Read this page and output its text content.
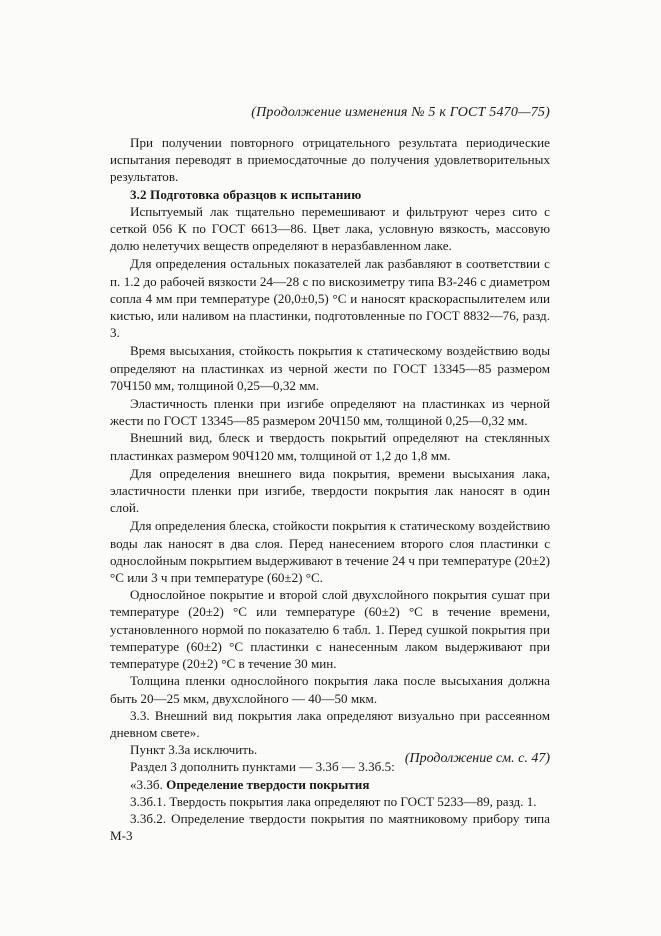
(Продолжение изменения № 5 к ГОСТ 5470—75)

При получении повторного отрицательного результата периодические испытания переводят в приемосдаточные до получения удовлетворительных результатов.

3.2 Подготовка образцов к испытанию

Испытуемый лак тщательно перемешивают и фильтруют через сито с сеткой 056 К по ГОСТ 6613—86. Цвет лака, условную вязкость, массовую долю нелетучих веществ определяют в неразбавленном лаке.

Для определения остальных показателей лак разбавляют в соответствии с п. 1.2 до рабочей вязкости 24—28 с по вискозиметру типа ВЗ-246 с диаметром сопла 4 мм при температуре (20,0±0,5) °С и наносят краскораспылителем или кистью, или наливом на пластинки, подготовленные по ГОСТ 8832—76, разд. 3.

Время высыхания, стойкость покрытия к статическому воздействию воды определяют на пластинках из черной жести по ГОСТ 13345—85 размером 70Ч150 мм, толщиной 0,25—0,32 мм.

Эластичность пленки при изгибе определяют на пластинках из черной жести по ГОСТ 13345—85 размером 20Ч150 мм, толщиной 0,25—0,32 мм.

Внешний вид, блеск и твердость покрытий определяют на стеклянных пластинках размером 90Ч120 мм, толщиной от 1,2 до 1,8 мм.

Для определения внешнего вида покрытия, времени высыхания лака, эластичности пленки при изгибе, твердости покрытия лак наносят в один слой.

Для определения блеска, стойкости покрытия к статическому воздействию воды лак наносят в два слоя. Перед нанесением второго слоя пластинки с однослойным покрытием выдерживают в течение 24 ч при температуре (20±2) °С или 3 ч при температуре (60±2) °С.

Однослойное покрытие и второй слой двухслойного покрытия сушат при температуре (20±2) °С или температуре (60±2) °С в течение времени, установленного нормой по показателю 6 табл. 1. Перед сушкой покрытия при температуре (60±2) °С пластинки с нанесенным лаком выдерживают при температуре (20±2) °С в течение 30 мин.

Толщина пленки однослойного покрытия лака после высыхания должна быть 20—25 мкм, двухслойного — 40—50 мкм.

3.3. Внешний вид покрытия лака определяют визуально при рассеянном дневном свете».

Пункт 3.3а исключить.

Раздел 3 дополнить пунктами — 3.3б — 3.3б.5:

«3.3б. Определение твердости покрытия

3.3б.1. Твердость покрытия лака определяют по ГОСТ 5233—89, разд. 1.

3.3б.2. Определение твердости покрытия по маятниковому прибору типа М-3

(Продолжение см. с. 47)
